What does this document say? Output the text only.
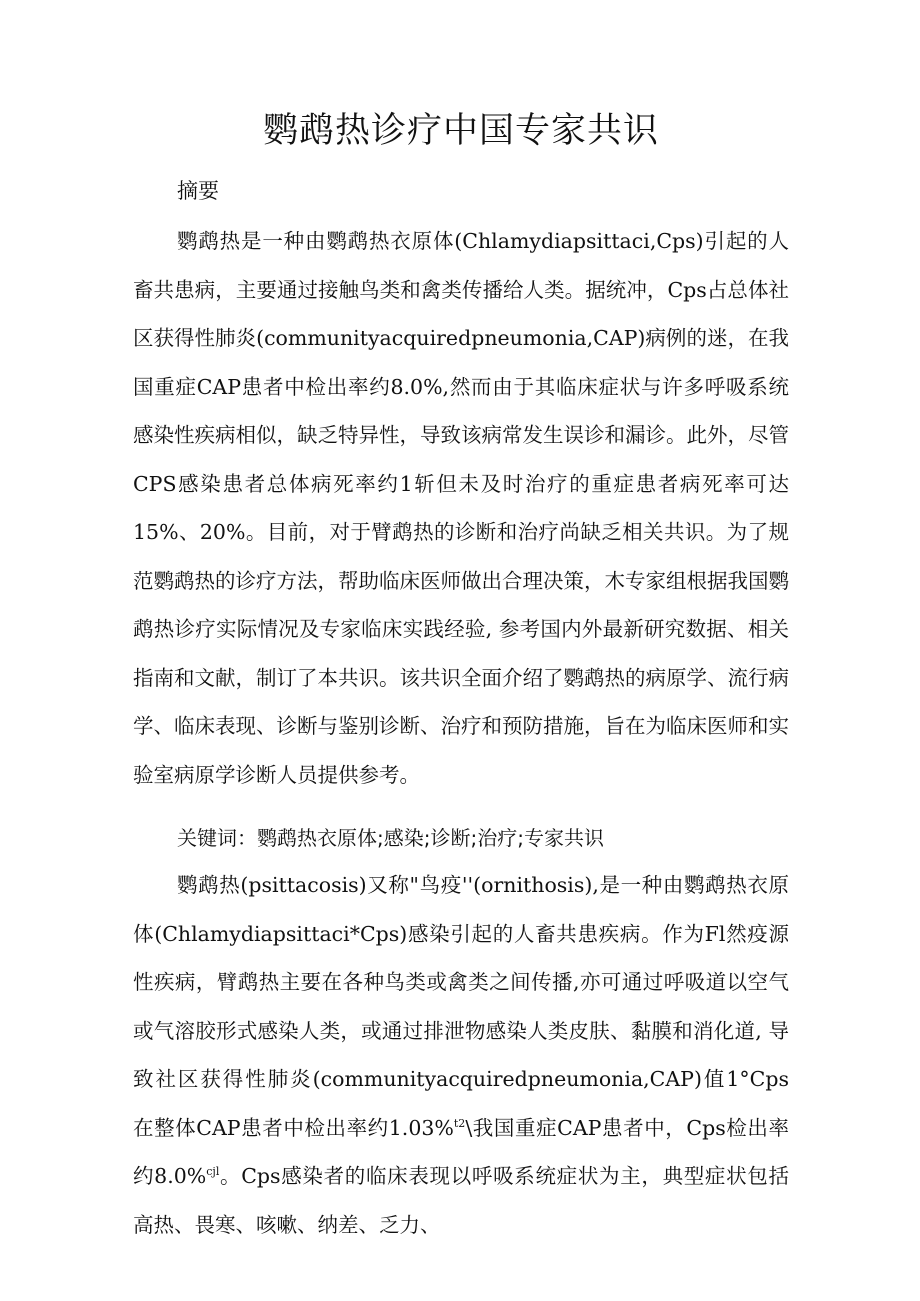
鹦鹉热诊疗中国专家共识
摘要

鹦鹉热是一种由鹦鹉热衣原体(Chlamydiapsittaci,Cps)引起的人畜共患病，主要通过接触鸟类和禽类传播给人类。据统冲，Cps占总体社区获得性肺炎(communityacquiredpneumonia,CAP)病例的迷，在我国重症CAP患者中检出率约8.0%,然而由于其临床症状与许多呼吸系统感染性疾病相似，缺乏特异性，导致该病常发生误诊和漏诊。此外，尽管CPS感染患者总体病死率约1斩但未及时治疗的重症患者病死率可达15%、20%。目前，对于臂鹉热的诊断和治疗尚缺乏相关共识。为了规范鹦鹉热的诊疗方法，帮助临床医师做出合理决策，木专家组根据我国鹦鹉热诊疗实际情况及专家临床实践经验, 参考国内外最新研究数据、相关指南和文献，制订了本共识。该共识全面介绍了鹦鹉热的病原学、流行病学、临床表现、诊断与鉴别诊断、治疗和预防措施，旨在为临床医师和实验室病原学诊断人员提供参考。

关键词：鹦鹉热衣原体;感染;诊断;治疗;专家共识

鹦鹉热(psittacosis)又称"鸟疫''(ornithosis),是一种由鹦鹉热衣原体(Chlamydiapsittaci*Cps)感染引起的人畜共患疾病。作为Fl然疫源性疾病，臂鹉热主要在各种鸟类或禽类之间传播,亦可通过呼吸道以空气或气溶胶形式感染人类，或通过排泄物感染人类皮肤、黏膜和消化道, 导致社区获得性肺炎(communityacquiredpneumonia,CAP)值1°Cps在整体CAP患者中检出率约1.03%$^{t2}$\我国重症CAP患者中，Cps检出率约8.0%$^{cjl}$。Cps感染者的临床表现以呼吸系统症状为主，典型症状包括高热、畏寒、咳嗽、纳差、乏力、
